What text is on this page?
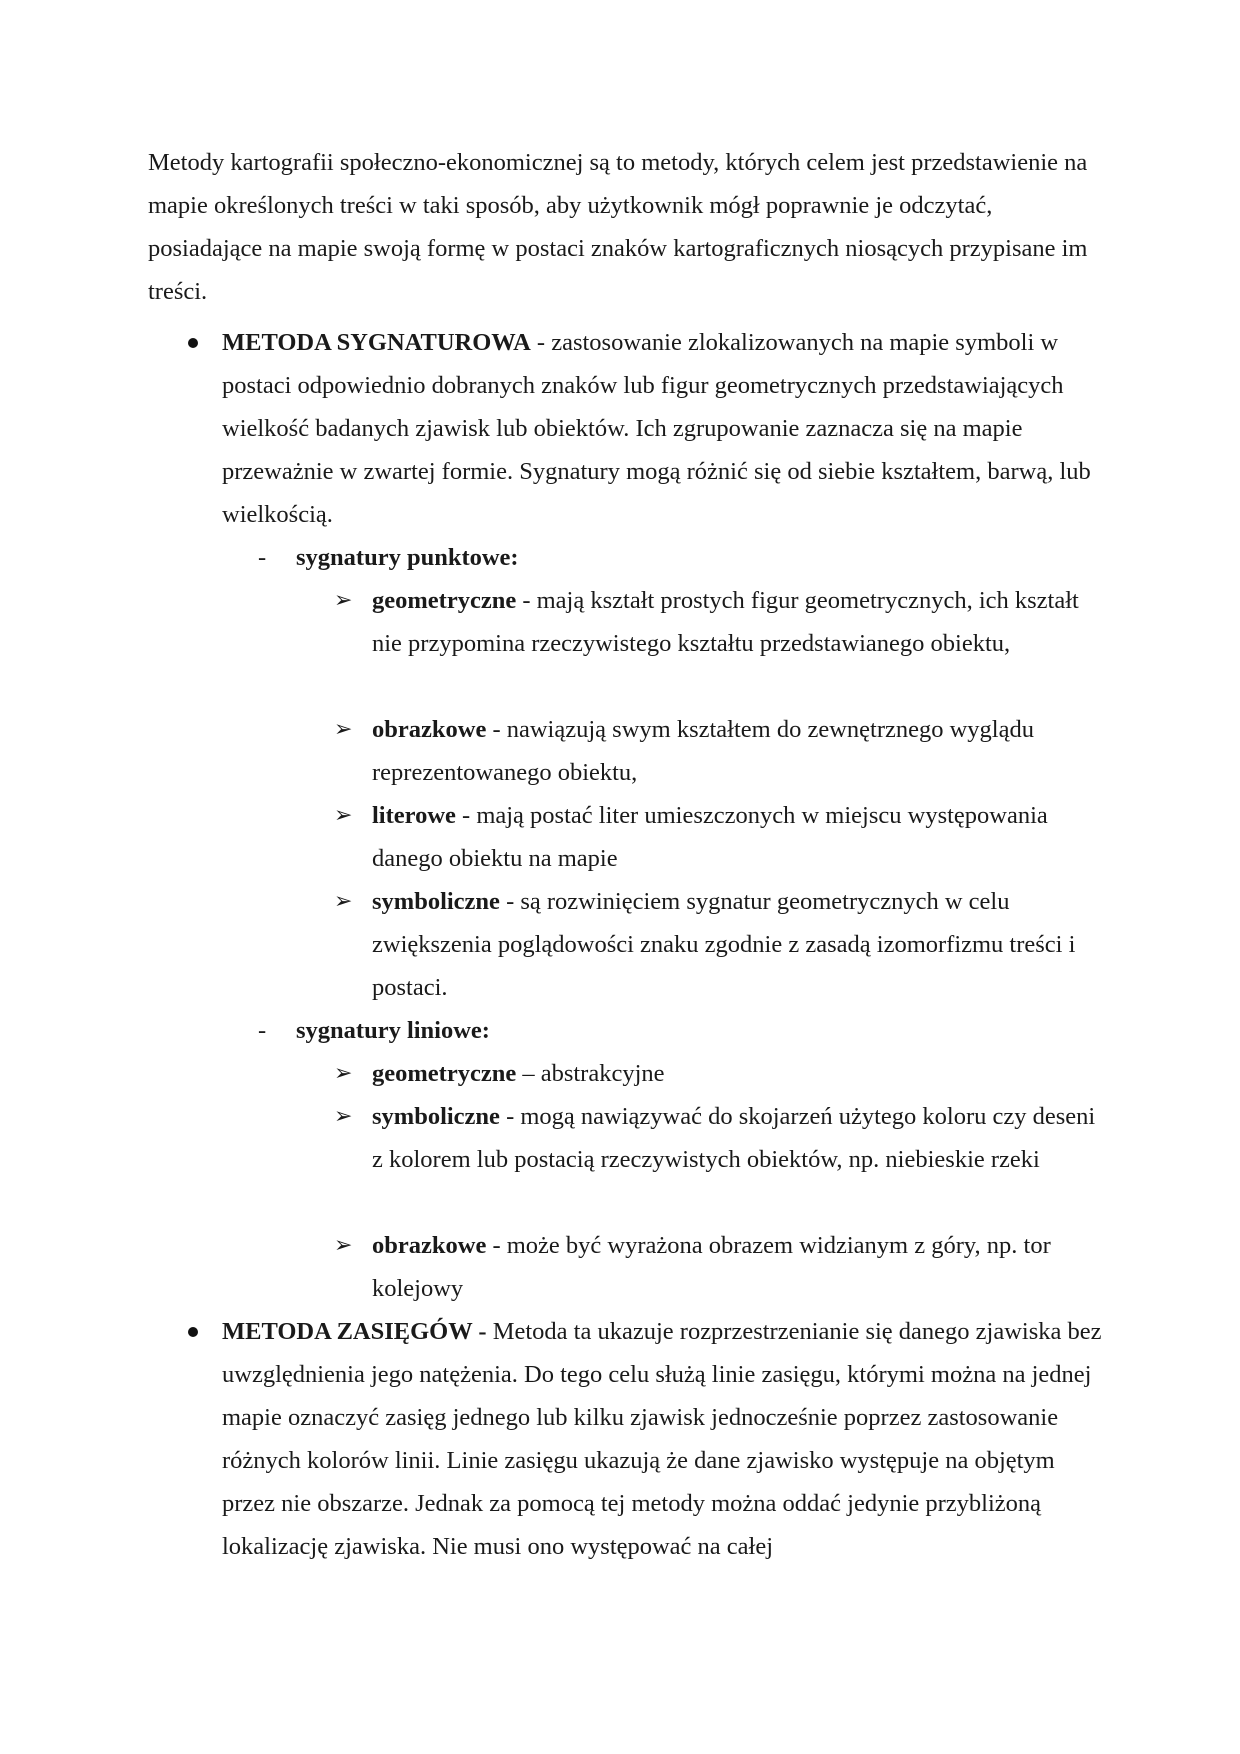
Metody kartografii społeczno-ekonomicznej są to metody, których celem jest przedstawienie na mapie określonych treści w taki sposób, aby użytkownik mógł poprawnie je odczytać, posiadające na mapie swoją formę w postaci znaków kartograficznych niosących przypisane im treści.

METODA SYGNATUROWA - zastosowanie zlokalizowanych na mapie symboli w postaci odpowiednio dobranych znaków lub figur geometrycznych przedstawiających wielkość badanych zjawisk lub obiektów. Ich zgrupowanie zaznacza się na mapie przeważnie w zwartej formie. Sygnatury mogą różnić się od siebie kształtem, barwą, lub wielkością.

- sygnatury punktowe:

➢ geometryczne - mają kształt prostych figur geometrycznych, ich kształt nie przypomina rzeczywistego kształtu przedstawianego obiektu,

➢ obrazkowe - nawiązują swym kształtem do zewnętrznego wyglądu reprezentowanego obiektu,

➢ literowe - mają postać liter umieszczonych w miejscu występowania danego obiektu na mapie

➢ symboliczne - są rozwinięciem sygnatur geometrycznych w celu zwiększenia poglądowości znaku zgodnie z zasadą izomorfizmu treści i postaci.

- sygnatury liniowe:

➢ geometryczne – abstrakcyjne

➢ symboliczne - mogą nawiązywać do skojarzeń użytego koloru czy deseni z kolorem lub postacią rzeczywistych obiektów, np. niebieskie rzeki

➢ obrazkowe - może być wyrażona obrazem widzianym z góry, np. tor kolejowy

METODA ZASIĘGÓW - Metoda ta ukazuje rozprzestrzenianie się danego zjawiska bez uwzględnienia jego natężenia. Do tego celu służą linie zasięgu, którymi można na jednej mapie oznaczyć zasięg jednego lub kilku zjawisk jednocześnie poprzez zastosowanie różnych kolorów linii. Linie zasięgu ukazują że dane zjawisko występuje na objętym przez nie obszarze. Jednak za pomocą tej metody można oddać jedynie przybliżoną lokalizację zjawiska. Nie musi ono występować na całej
